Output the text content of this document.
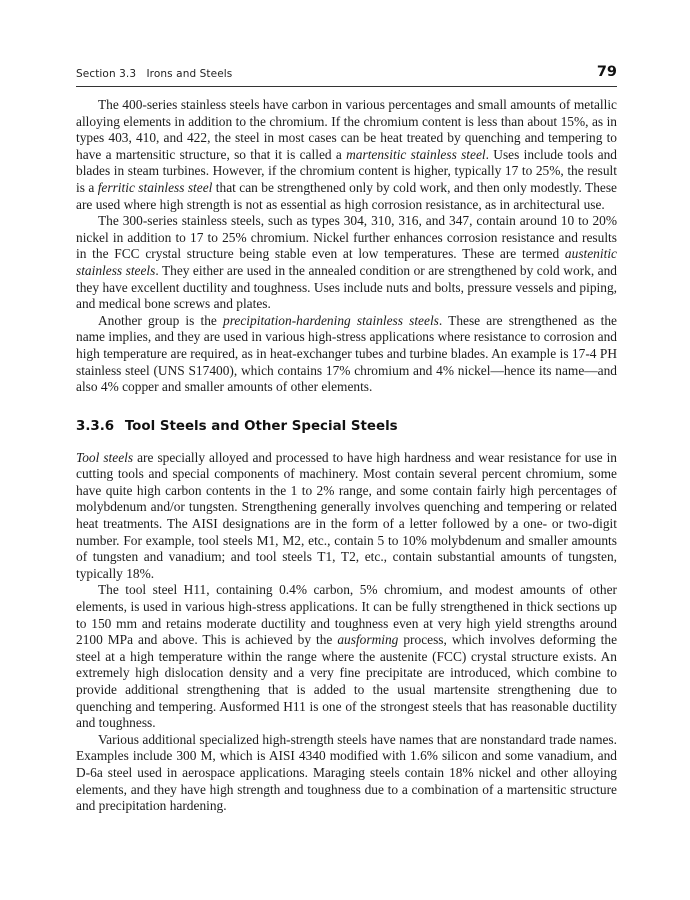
Section 3.3 Irons and Steels	79

The 400-series stainless steels have carbon in various percentages and small amounts of metallic alloying elements in addition to the chromium. If the chromium content is less than about 15%, as in types 403, 410, and 422, the steel in most cases can be heat treated by quenching and tempering to have a martensitic structure, so that it is called a martensitic stainless steel. Uses include tools and blades in steam turbines. However, if the chromium content is higher, typically 17 to 25%, the result is a ferritic stainless steel that can be strengthened only by cold work, and then only modestly. These are used where high strength is not as essential as high corrosion resistance, as in architectural use.

The 300-series stainless steels, such as types 304, 310, 316, and 347, contain around 10 to 20% nickel in addition to 17 to 25% chromium. Nickel further enhances corrosion resistance and results in the FCC crystal structure being stable even at low temperatures. These are termed austenitic stainless steels. They either are used in the annealed condition or are strengthened by cold work, and they have excellent ductility and toughness. Uses include nuts and bolts, pressure vessels and piping, and medical bone screws and plates.

Another group is the precipitation-hardening stainless steels. These are strengthened as the name implies, and they are used in various high-stress applications where resistance to corrosion and high temperature are required, as in heat-exchanger tubes and turbine blades. An example is 17-4 PH stainless steel (UNS S17400), which contains 17% chromium and 4% nickel—hence its name—and also 4% copper and smaller amounts of other elements.

3.3.6 Tool Steels and Other Special Steels

Tool steels are specially alloyed and processed to have high hardness and wear resistance for use in cutting tools and special components of machinery. Most contain several percent chromium, some have quite high carbon contents in the 1 to 2% range, and some contain fairly high percentages of molybdenum and/or tungsten. Strengthening generally involves quenching and tempering or related heat treatments. The AISI designations are in the form of a letter followed by a one- or two-digit number. For example, tool steels M1, M2, etc., contain 5 to 10% molybdenum and smaller amounts of tungsten and vanadium; and tool steels T1, T2, etc., contain substantial amounts of tungsten, typically 18%.

The tool steel H11, containing 0.4% carbon, 5% chromium, and modest amounts of other elements, is used in various high-stress applications. It can be fully strengthened in thick sections up to 150 mm and retains moderate ductility and toughness even at very high yield strengths around 2100 MPa and above. This is achieved by the ausforming process, which involves deforming the steel at a high temperature within the range where the austenite (FCC) crystal structure exists. An extremely high dislocation density and a very fine precipitate are introduced, which combine to provide additional strengthening that is added to the usual martensite strengthening due to quenching and tempering. Ausformed H11 is one of the strongest steels that has reasonable ductility and toughness.

Various additional specialized high-strength steels have names that are nonstandard trade names. Examples include 300 M, which is AISI 4340 modified with 1.6% silicon and some vanadium, and D-6a steel used in aerospace applications. Maraging steels contain 18% nickel and other alloying elements, and they have high strength and toughness due to a combination of a martensitic structure and precipitation hardening.
